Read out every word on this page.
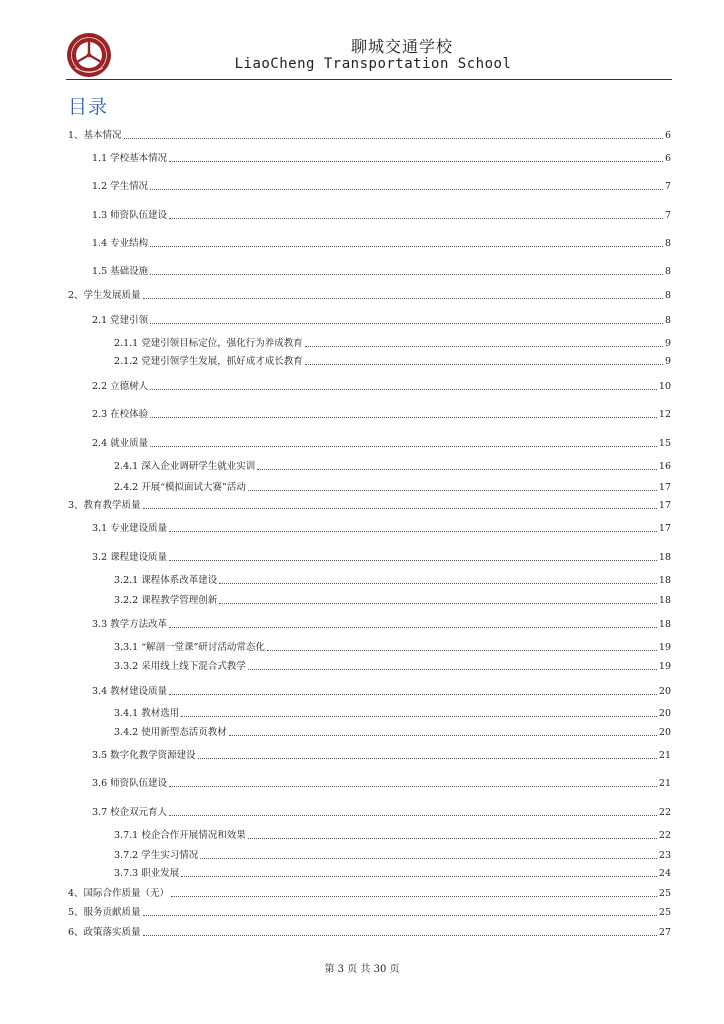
聊城交通学校
LiaoCheng Transportation School
目录
1、基本情况	6
1.1 学校基本情况	6
1.2 学生情况	7
1.3 师资队伍建设	7
1.4 专业结构	8
1.5 基础设施	8
2、学生发展质量	8
2.1 党建引领	8
2.1.1 党建引领目标定位，强化行为养成教育	9
2.1.2 党建引领学生发展，抓好成才成长教育	9
2.2 立德树人	10
2.3 在校体验	12
2.4 就业质量	15
2.4.1 深入企业调研学生就业实训	16
2.4.2 开展“模拟面试大赛”活动	17
3、教育教学质量	17
3.1 专业建设质量	17
3.2 课程建设质量	18
3.2.1 课程体系改革建设	18
3.2.2 课程教学管理创新	18
3.3 教学方法改革	18
3.3.1 “解剖一堂课”研讨活动常态化	19
3.3.2 采用线上线下混合式教学	19
3.4 教材建设质量	20
3.4.1 教材选用	20
3.4.2 使用新型态活页教材	20
3.5 数字化教学资源建设	21
3.6 师资队伍建设	21
3.7 校企双元育人	22
3.7.1 校企合作开展情况和效果	22
3.7.2 学生实习情况	23
3.7.3 职业发展	24
4、国际合作质量（无）	25
5、服务贡献质量	25
6、政策落实质量	27
第 3 页 共 30 页
